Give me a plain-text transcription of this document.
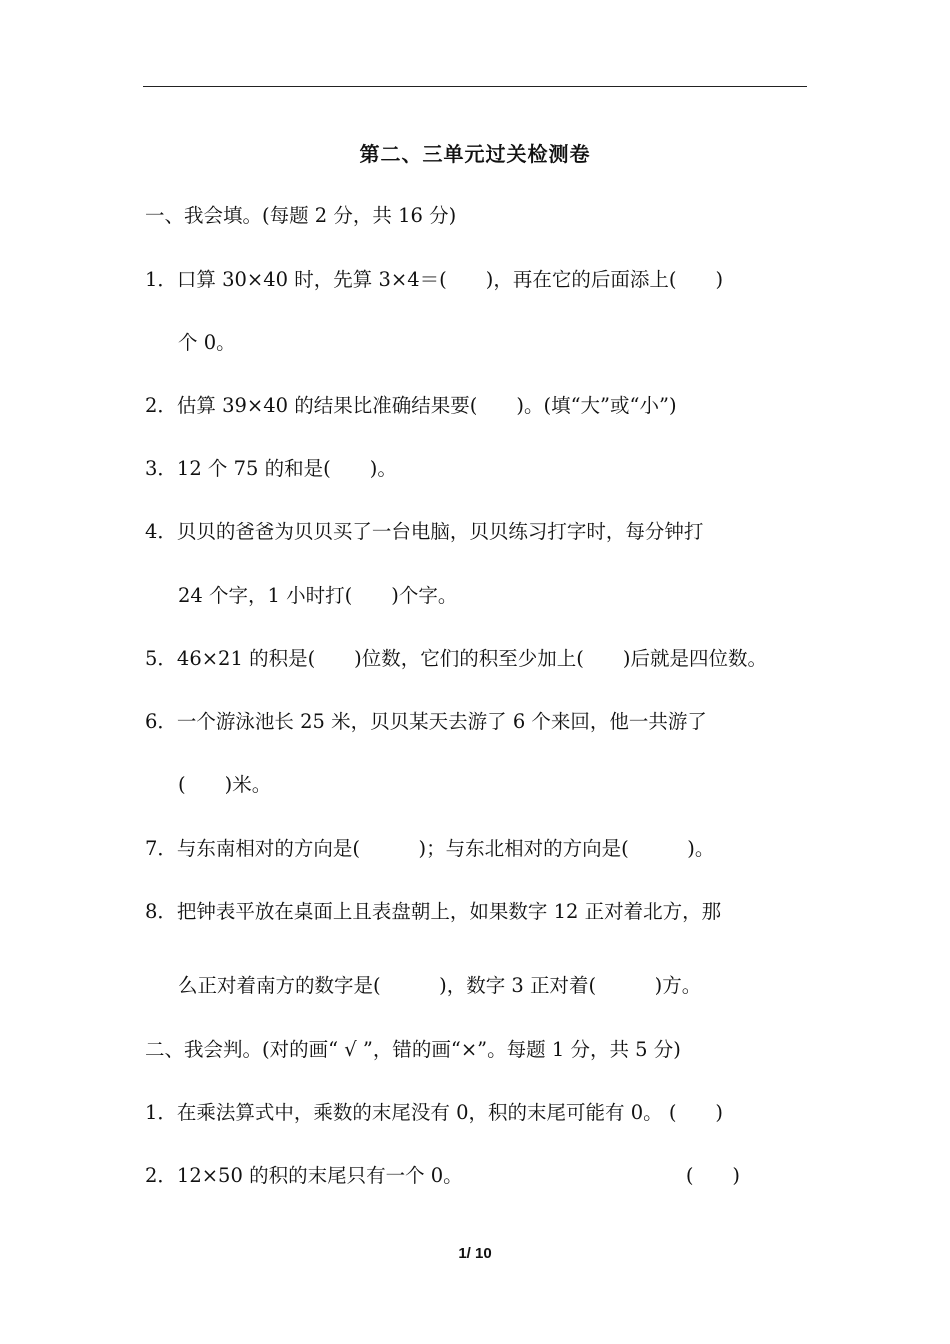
第二、三单元过关检测卷
一、我会填。(每题 2 分，共 16 分)
1．口算 30×40 时，先算 3×4＝(　　)，再在它的后面添上(　　)
个 0。
2．估算 39×40 的结果比准确结果要(　　)。(填“大”或“小”)
3．12 个 75 的和是(　　)。
4．贝贝的爸爸为贝贝买了一台电脑，贝贝练习打字时，每分钟打
24 个字，1 小时打(　　)个字。
5．46×21 的积是(　　)位数，它们的积至少加上(　　)后就是四位数。
6．一个游泳池长 25 米，贝贝某天去游了 6 个来回，他一共游了
(　　)米。
7．与东南相对的方向是(　　　)；与东北相对的方向是(　　　)。
8．把钟表平放在桌面上且表盘朝上，如果数字 12 正对着北方，那
么正对着南方的数字是(　　　)，数字 3 正对着(　　　)方。
二、我会判。(对的画“ √ ”，错的画“×”。每题 1 分，共 5 分)
1．在乘法算式中，乘数的末尾没有 0，积的末尾可能有 0。 (　　)
2．12×50 的积的末尾只有一个 0。                                    (　　)
1/ 10
